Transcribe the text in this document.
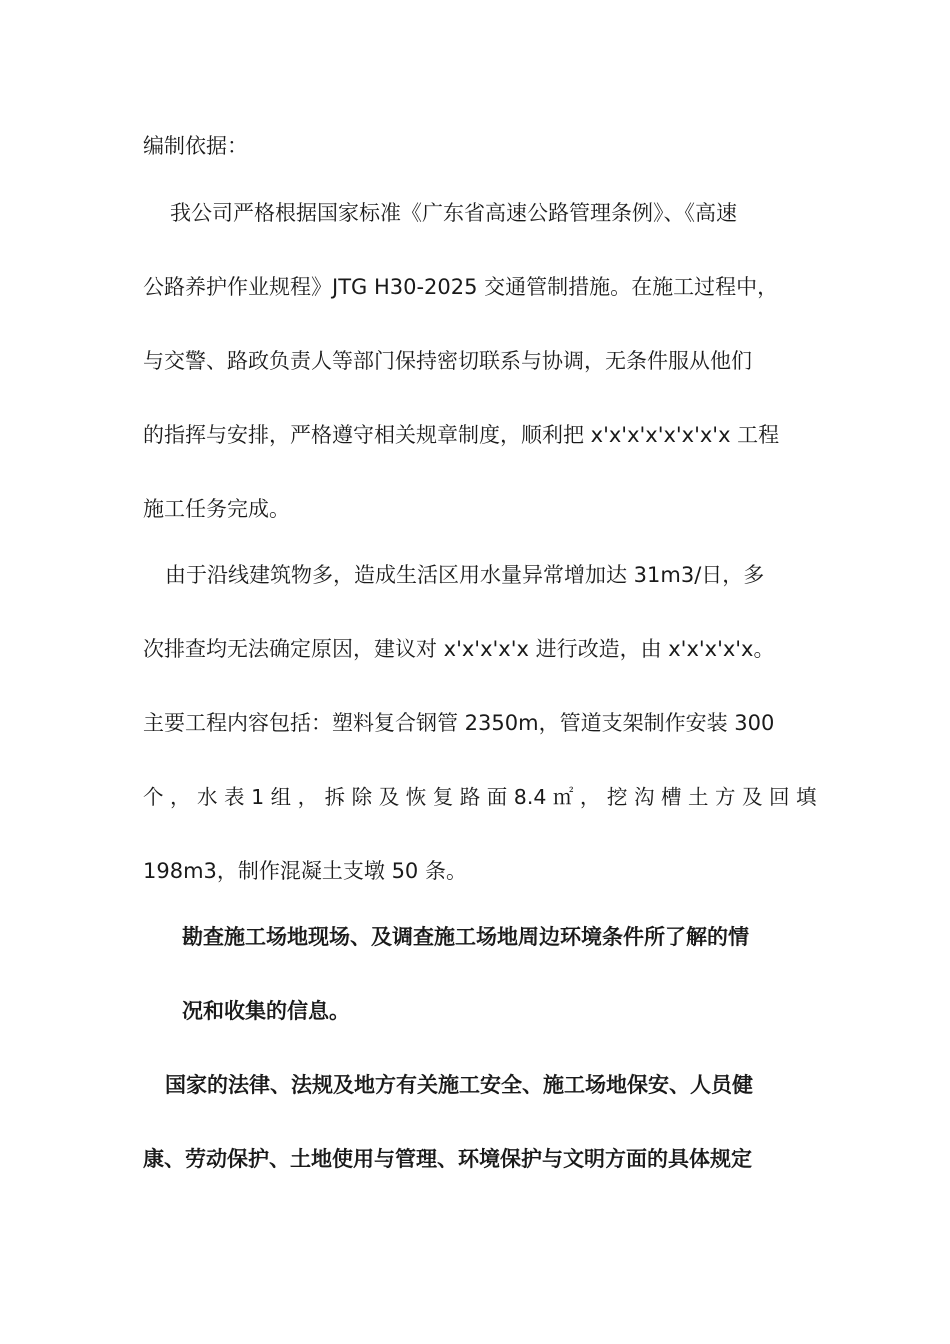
编制依据：
我公司严格根据国家标准《广东省高速公路管理条例》、《高速
公路养护作业规程》JTG H30-2025 交通管制措施。在施工过程中，
与交警、路政负责人等部门保持密切联系与协调，无条件服从他们
的指挥与安排，严格遵守相关规章制度，顺利把 x'x'x'x'x'x'x'x 工程
施工任务完成。
由于沿线建筑物多，造成生活区用水量异常增加达 31m3/日，多
次排查均无法确定原因，建议对 x'x'x'x'x 进行改造，由 x'x'x'x'x。
主要工程内容包括：塑料复合钢管 2350m，管道支架制作安装 300
个 ， 水 表 1 组 ， 拆 除 及 恢 复 路 面 8.4 ㎡ ， 挖 沟 槽 土 方 及 回 填
198m3，制作混凝土支墩 50 条。
勘查施工场地现场、及调查施工场地周边环境条件所了解的情
况和收集的信息。
国家的法律、法规及地方有关施工安全、施工场地保安、人员健
康、劳动保护、土地使用与管理、环境保护与文明方面的具体规定
